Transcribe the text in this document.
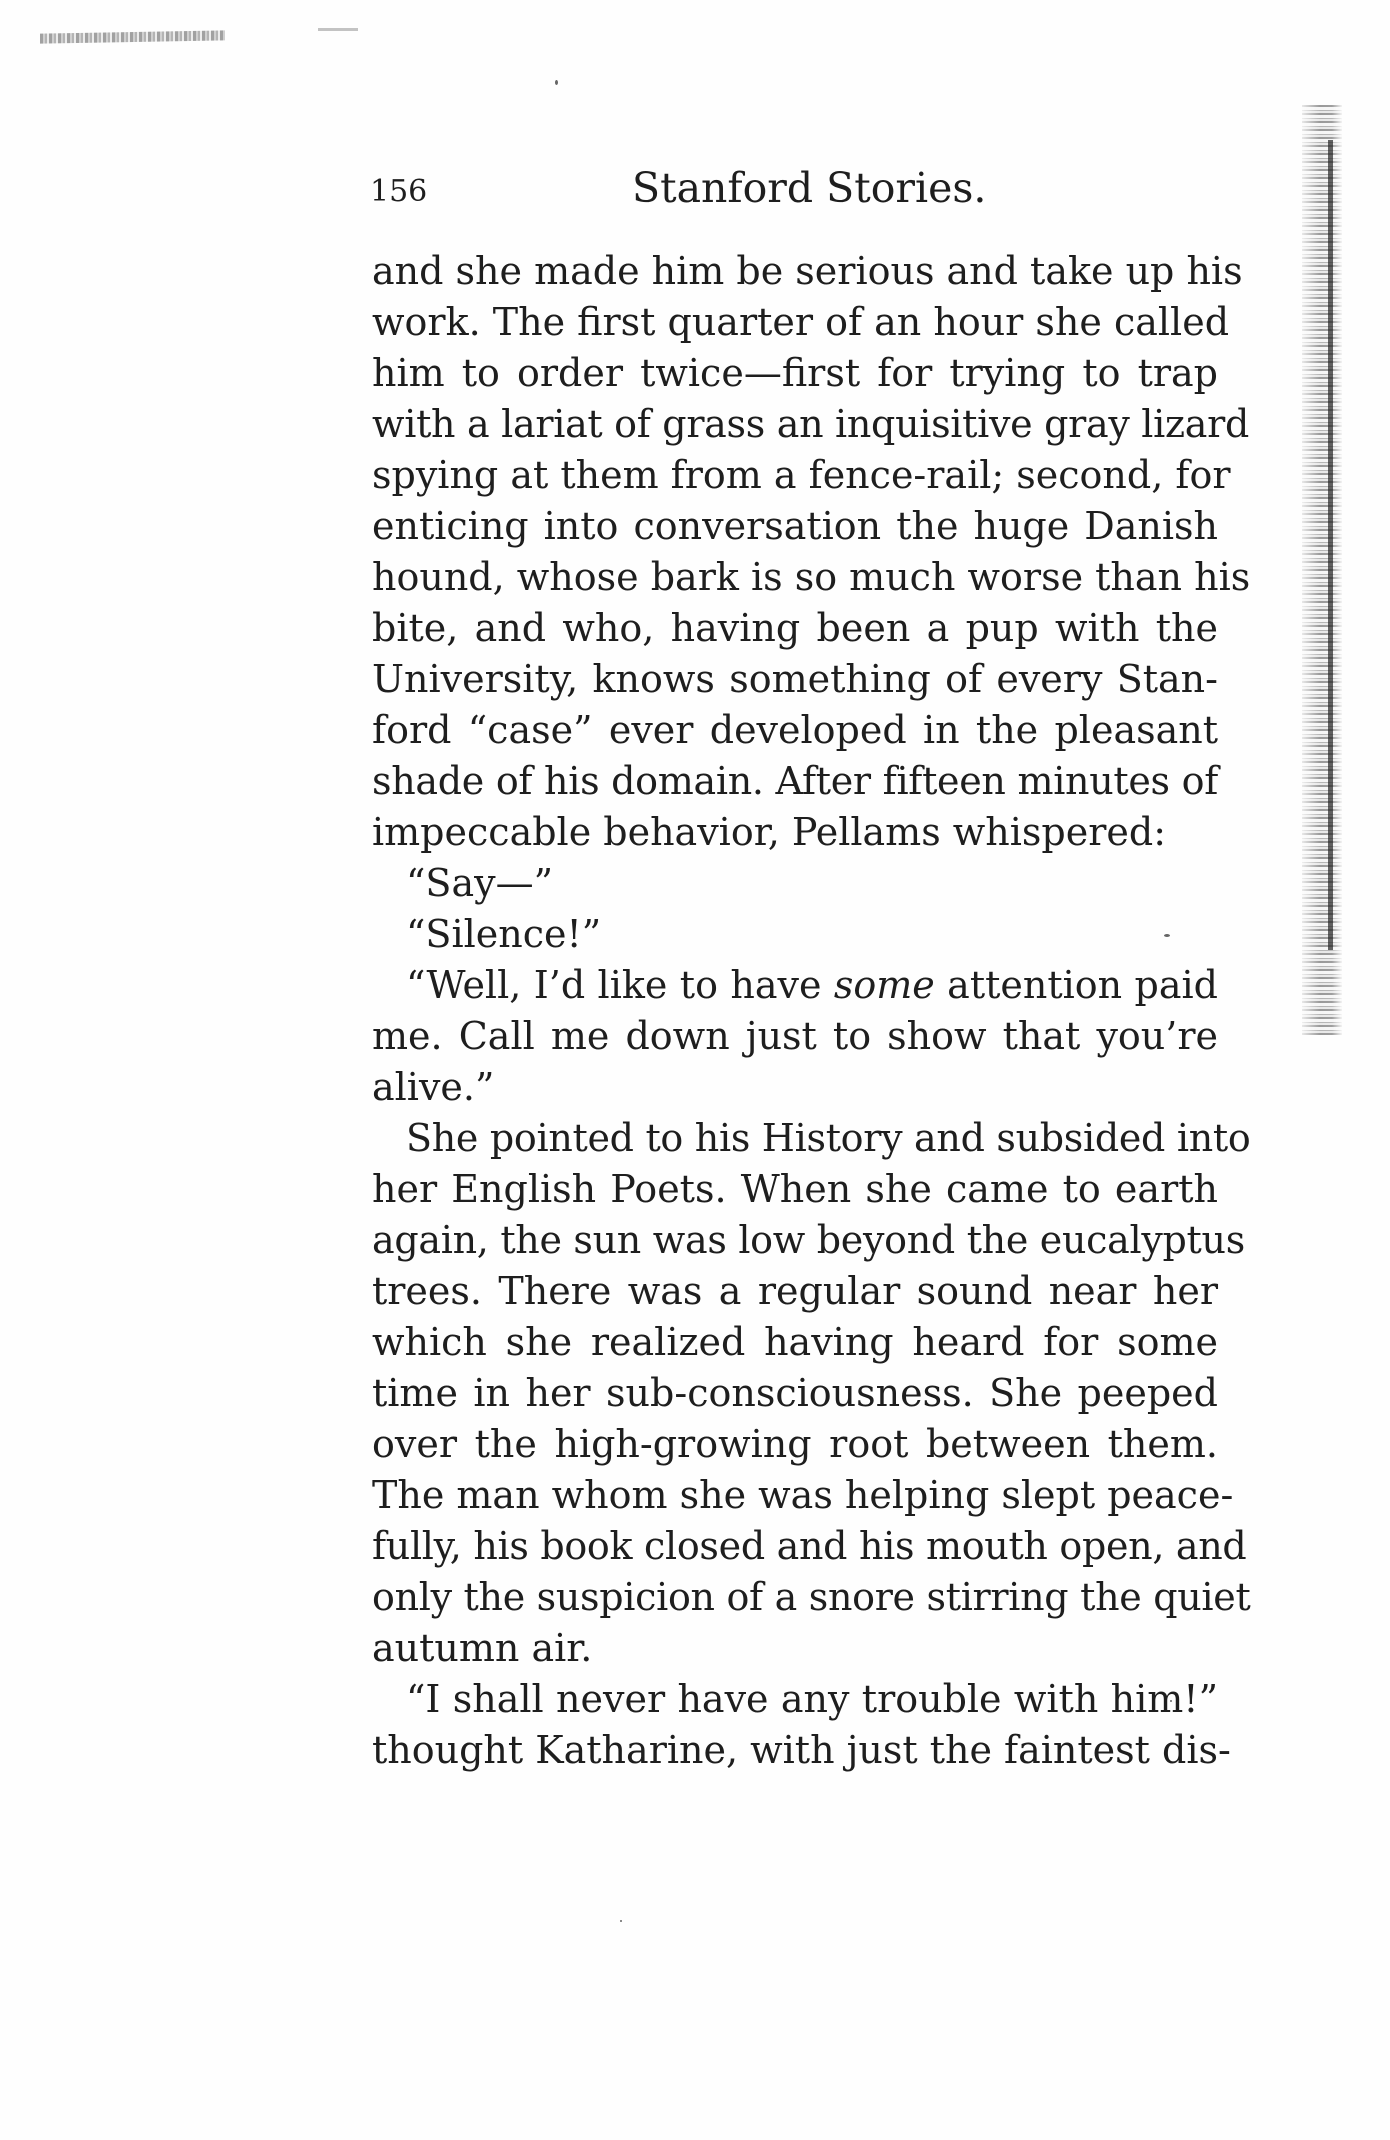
156	Stanford Stories.
and she made him be serious and take up his
work. The first quarter of an hour she called
him to order twice—first for trying to trap
with a lariat of grass an inquisitive gray lizard
spying at them from a fence-rail; second, for
enticing into conversation the huge Danish
hound, whose bark is so much worse than his
bite, and who, having been a pup with the
University, knows something of every Stan-
ford “case” ever developed in the pleasant
shade of his domain. After fifteen minutes of
impeccable behavior, Pellams whispered:
“Say—”
“Silence!”
“Well, I’d like to have some attention paid
me. Call me down just to show that you’re
alive.”
She pointed to his History and subsided into
her English Poets. When she came to earth
again, the sun was low beyond the eucalyptus
trees. There was a regular sound near her
which she realized having heard for some
time in her sub-consciousness. She peeped
over the high-growing root between them.
The man whom she was helping slept peace-
fully, his book closed and his mouth open, and
only the suspicion of a snore stirring the quiet
autumn air.
“I shall never have any trouble with him!”
thought Katharine, with just the faintest dis-
